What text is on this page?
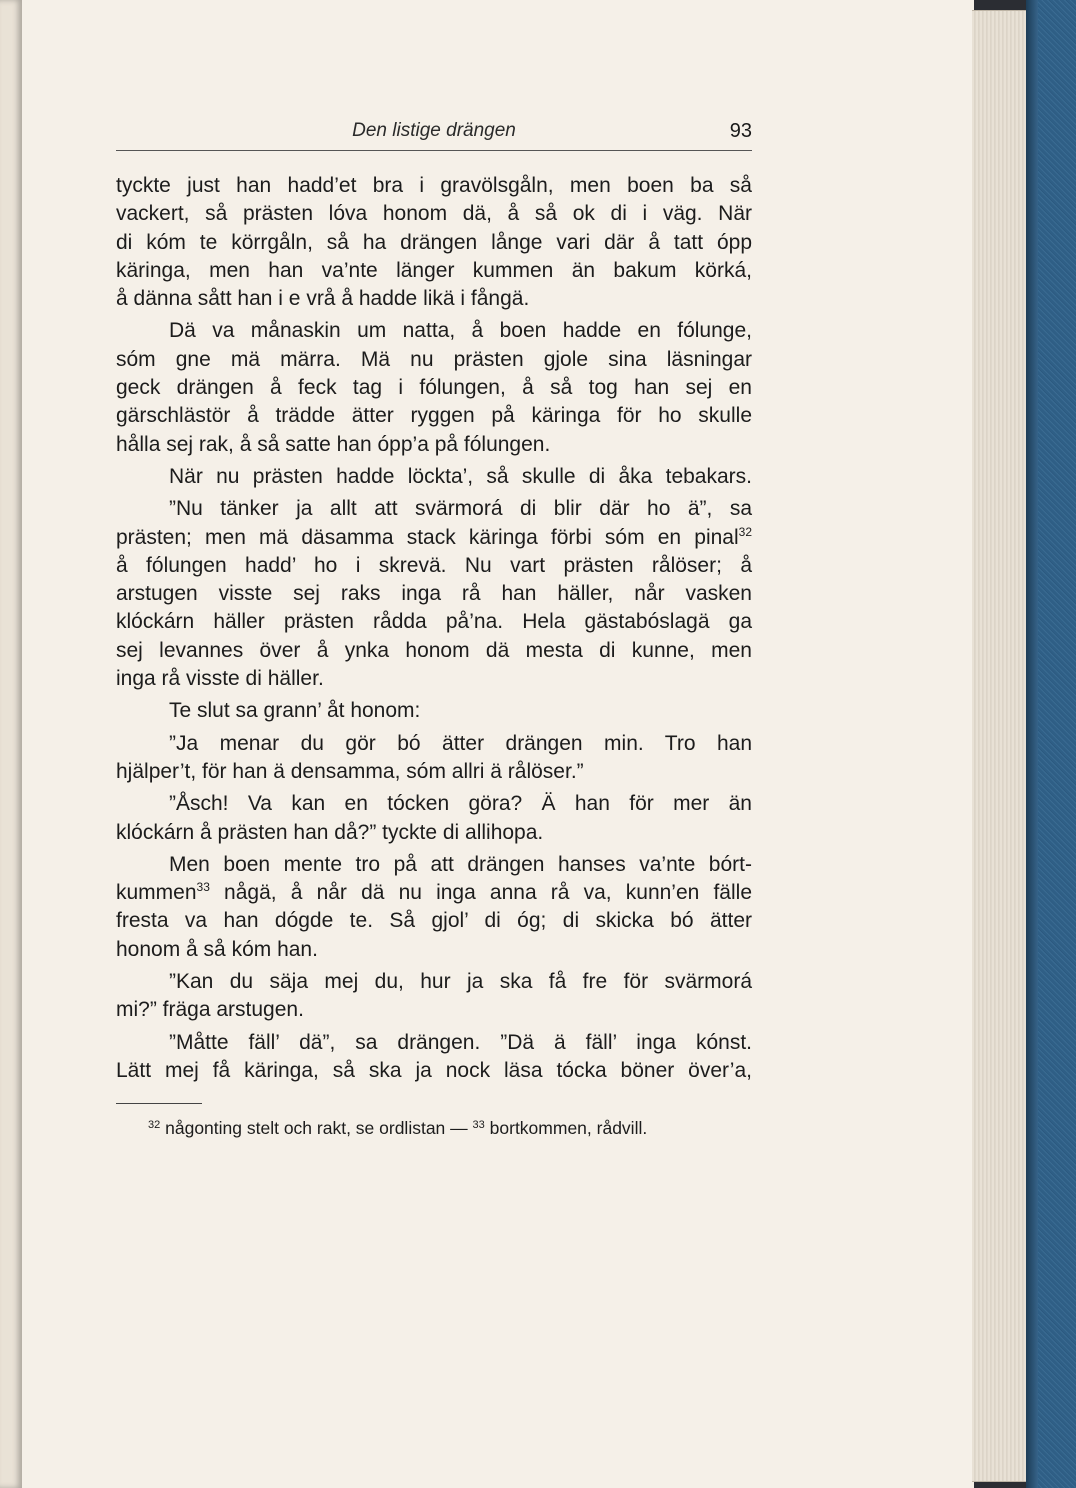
Den listige drängen	93
tyckte just han hadd’et bra i gravölsgåln, men boen ba så
vackert, så prästen lóva honom dä, å så ok di i väg. När
di kóm te körrgåln, så ha drängen långe vari där å tatt ópp
käringa, men han va’nte länger kummen än bakum körká,
å dänna sått han i e vrå å hadde likä i fångä.
Dä va månaskin um natta, å boen hadde en fólunge,
sóm gne mä märra. Mä nu prästen gjole sina läsningar
geck drängen å feck tag i fólungen, å så tog han sej en
gärschlästör å trädde ätter ryggen på käringa för ho skulle
hålla sej rak, å så satte han ópp’a på fólungen.
När nu prästen hadde löckta’, så skulle di åka tebakars.
”Nu tänker ja allt att svärmorá di blir där ho ä”, sa
prästen; men mä däsamma stack käringa förbi sóm en pinal$^{32}$
å fólungen hadd’ ho i skrevä. Nu vart prästen rålöser; å
arstugen visste sej raks inga rå han häller, når vasken
klóckárn häller prästen rådda på’na. Hela gästabóslagä ga
sej levannes över å ynka honom dä mesta di kunne, men
inga rå visste di häller.
Te slut sa grann’ åt honom:
”Ja menar du gör bó ätter drängen min. Tro han
hjälper’t, för han ä densamma, sóm allri ä rålöser.”
”Åsch! Va kan en tócken göra? Ä han för mer än
klóckárn å prästen han då?” tyckte di allihopa.
Men boen mente tro på att drängen hanses va’nte bórt-
kummen$^{33}$ någä, å når dä nu inga anna rå va, kunn’en fälle
fresta va han dógde te. Så gjol’ di óg; di skicka bó ätter
honom å så kóm han.
”Kan du säja mej du, hur ja ska få fre för svärmorá
mi?” fräga arstugen.
”Måtte fäll’ dä”, sa drängen. ”Dä ä fäll’ inga kónst.
Lätt mej få käringa, så ska ja nock läsa tócka böner över’a,
$^{32}$ någonting stelt och rakt, se ordlistan — $^{33}$ bortkommen, rådvill.
